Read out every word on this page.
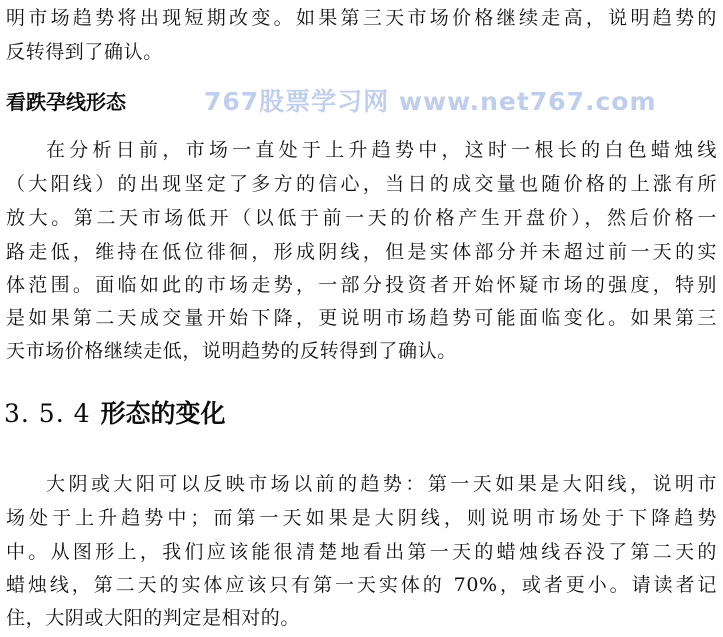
明市场趋势将出现短期改变。如果第三天市场价格继续走高，说明趋势的
反转得到了确认。
看跌孕线形态	767股票学习网 www.net767.com
在分析日前，市场一直处于上升趋势中，这时一根长的白色蜡烛线
（大阳线）的出现坚定了多方的信心，当日的成交量也随价格的上涨有所
放大。第二天市场低开（以低于前一天的价格产生开盘价），然后价格一
路走低，维持在低位徘徊，形成阴线，但是实体部分并未超过前一天的实
体范围。面临如此的市场走势，一部分投资者开始怀疑市场的强度，特别
是如果第二天成交量开始下降，更说明市场趋势可能面临变化。如果第三
天市场价格继续走低，说明趋势的反转得到了确认。
3. 5. 4 形态的变化
大阴或大阳可以反映市场以前的趋势：第一天如果是大阳线，说明市
场处于上升趋势中；而第一天如果是大阴线，则说明市场处于下降趋势
中。从图形上，我们应该能很清楚地看出第一天的蜡烛线吞没了第二天的
蜡烛线，第二天的实体应该只有第一天实体的 70%，或者更小。请读者记
住，大阴或大阳的判定是相对的。
